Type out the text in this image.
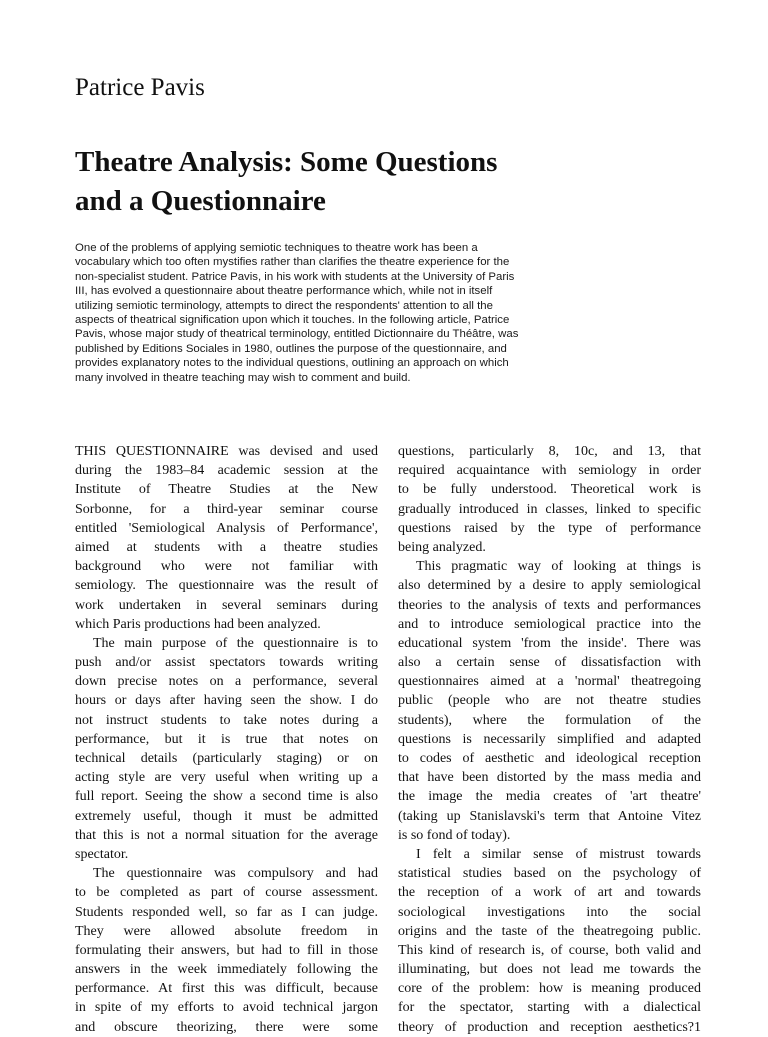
Patrice Pavis
Theatre Analysis: Some Questions
and a Questionnaire
One of the problems of applying semiotic techniques to theatre work has been a
vocabulary which too often mystifies rather than clarifies the theatre experience for the
non-specialist student. Patrice Pavis, in his work with students at the University of Paris
III, has evolved a questionnaire about theatre performance which, while not in itself
utilizing semiotic terminology, attempts to direct the respondents' attention to all the
aspects of theatrical signification upon which it touches. In the following article, Patrice
Pavis, whose major study of theatrical terminology, entitled Dictionnaire du Théâtre, was
published by Editions Sociales in 1980, outlines the purpose of the questionnaire, and
provides explanatory notes to the individual questions, outlining an approach on which
many involved in theatre teaching may wish to comment and build.
THIS QUESTIONNAIRE was devised and used
during the 1983–84 academic session at the
Institute of Theatre Studies at the New
Sorbonne, for a third-year seminar course
entitled 'Semiological Analysis of Performance',
aimed at students with a theatre studies
background who were not familiar with
semiology. The questionnaire was the result of
work undertaken in several seminars during
which Paris productions had been analyzed.
The main purpose of the questionnaire is to
push and/or assist spectators towards writing
down precise notes on a performance, several
hours or days after having seen the show. I do
not instruct students to take notes during a
performance, but it is true that notes on
technical details (particularly staging) or on
acting style are very useful when writing up a
full report. Seeing the show a second time is also
extremely useful, though it must be admitted
that this is not a normal situation for the average
spectator.
The questionnaire was compulsory and had
to be completed as part of course assessment.
Students responded well, so far as I can judge.
They were allowed absolute freedom in
formulating their answers, but had to fill in those
answers in the week immediately following the
performance. At first this was difficult, because
in spite of my efforts to avoid technical jargon
and obscure theorizing, there were some
questions, particularly 8, 10c, and 13, that
required acquaintance with semiology in order
to be fully understood. Theoretical work is
gradually introduced in classes, linked to specific
questions raised by the type of performance
being analyzed.
This pragmatic way of looking at things is
also determined by a desire to apply semiological
theories to the analysis of texts and performances
and to introduce semiological practice into the
educational system 'from the inside'. There was
also a certain sense of dissatisfaction with
questionnaires aimed at a 'normal' theatregoing
public (people who are not theatre studies
students), where the formulation of the
questions is necessarily simplified and adapted
to codes of aesthetic and ideological reception
that have been distorted by the mass media and
the image the media creates of 'art theatre'
(taking up Stanislavski's term that Antoine Vitez
is so fond of today).
I felt a similar sense of mistrust towards
statistical studies based on the psychology of
the reception of a work of art and towards
sociological investigations into the social
origins and the taste of the theatregoing public.
This kind of research is, of course, both valid and
illuminating, but does not lead me towards the
core of the problem: how is meaning produced
for the spectator, starting with a dialectical
theory of production and reception aesthetics?1
